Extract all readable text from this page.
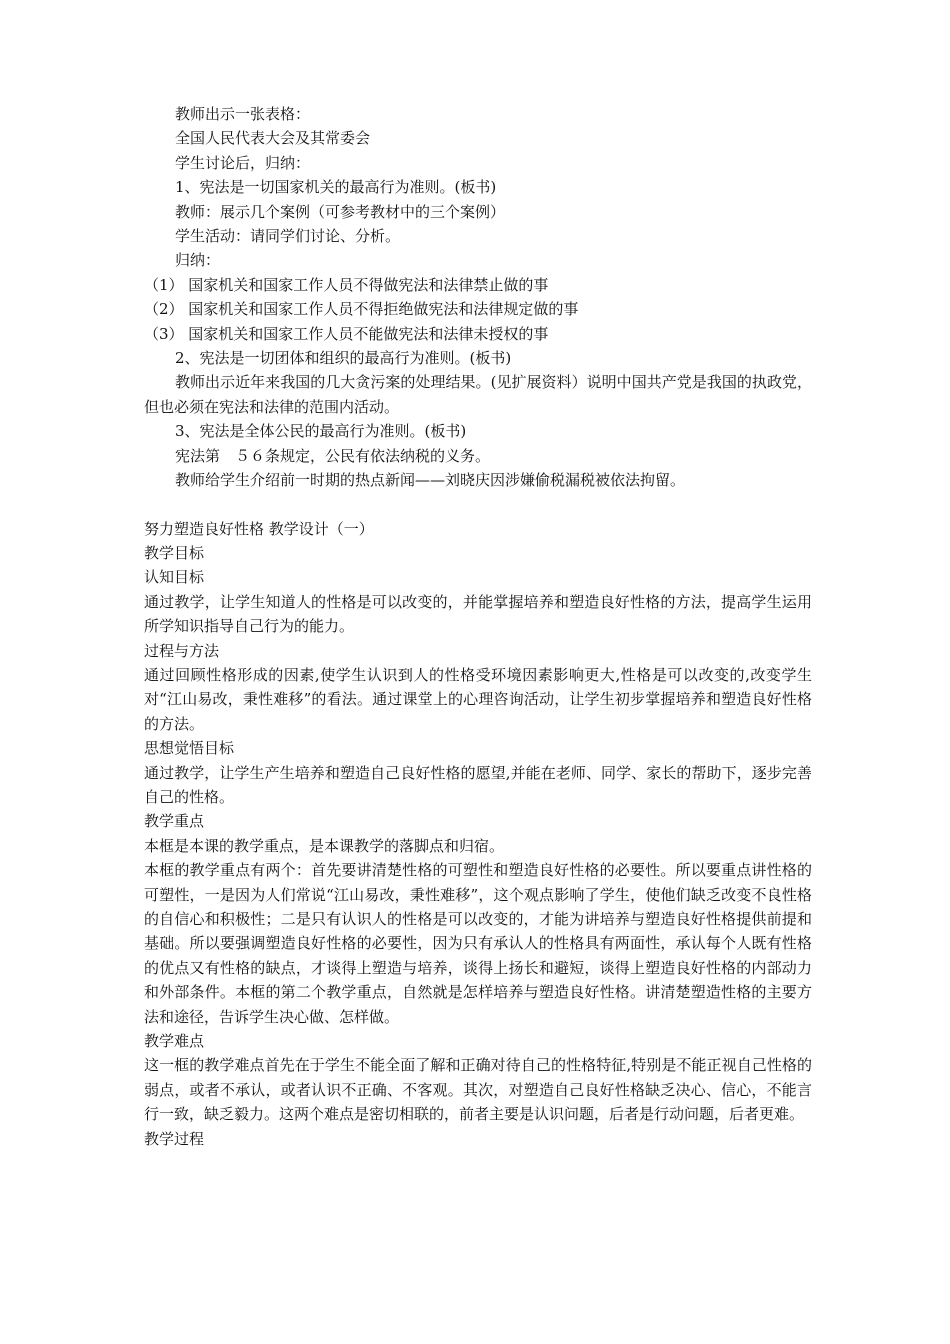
教师出示一张表格：

全国人民代表大会及其常委会

学生讨论后，归纳：

1、宪法是一切国家机关的最高行为准则。(板书)

教师：展示几个案例（可参考教材中的三个案例）

学生活动：请同学们讨论、分析。

归纳：

（1） 国家机关和国家工作人员不得做宪法和法律禁止做的事

（2） 国家机关和国家工作人员不得拒绝做宪法和法律规定做的事

（3） 国家机关和国家工作人员不能做宪法和法律未授权的事

2、宪法是一切团体和组织的最高行为准则。(板书)

教师出示近年来我国的几大贪污案的处理结果。(见扩展资料）说明中国共产党是我国的执政党，但也必须在宪法和法律的范围内活动。

3、宪法是全体公民的最高行为准则。(板书)

宪法第　５６条规定，公民有依法纳税的义务。

教师给学生介绍前一时期的热点新闻——刘晓庆因涉嫌偷税漏税被依法拘留。

努力塑造良好性格 教学设计（一）

教学目标

认知目标

通过教学，让学生知道人的性格是可以改变的，并能掌握培养和塑造良好性格的方法，提高学生运用所学知识指导自己行为的能力。

过程与方法

通过回顾性格形成的因素,使学生认识到人的性格受环境因素影响更大,性格是可以改变的,改变学生对“江山易改，秉性难移”的看法。通过课堂上的心理咨询活动，让学生初步掌握培养和塑造良好性格的方法。

思想觉悟目标

通过教学，让学生产生培养和塑造自己良好性格的愿望,并能在老师、同学、家长的帮助下，逐步完善自己的性格。

教学重点

本框是本课的教学重点，是本课教学的落脚点和归宿。

本框的教学重点有两个：首先要讲清楚性格的可塑性和塑造良好性格的必要性。所以要重点讲性格的可塑性，一是因为人们常说“江山易改，秉性难移”，这个观点影响了学生，使他们缺乏改变不良性格的自信心和积极性；二是只有认识人的性格是可以改变的，才能为讲培养与塑造良好性格提供前提和基础。所以要强调塑造良好性格的必要性，因为只有承认人的性格具有两面性，承认每个人既有性格的优点又有性格的缺点，才谈得上塑造与培养，谈得上扬长和避短，谈得上塑造良好性格的内部动力和外部条件。本框的第二个教学重点，自然就是怎样培养与塑造良好性格。讲清楚塑造性格的主要方法和途径，告诉学生决心做、怎样做。

教学难点

这一框的教学难点首先在于学生不能全面了解和正确对待自己的性格特征,特别是不能正视自己性格的弱点，或者不承认，或者认识不正确、不客观。其次，对塑造自己良好性格缺乏决心、信心，不能言行一致，缺乏毅力。这两个难点是密切相联的，前者主要是认识问题，后者是行动问题，后者更难。

教学过程
